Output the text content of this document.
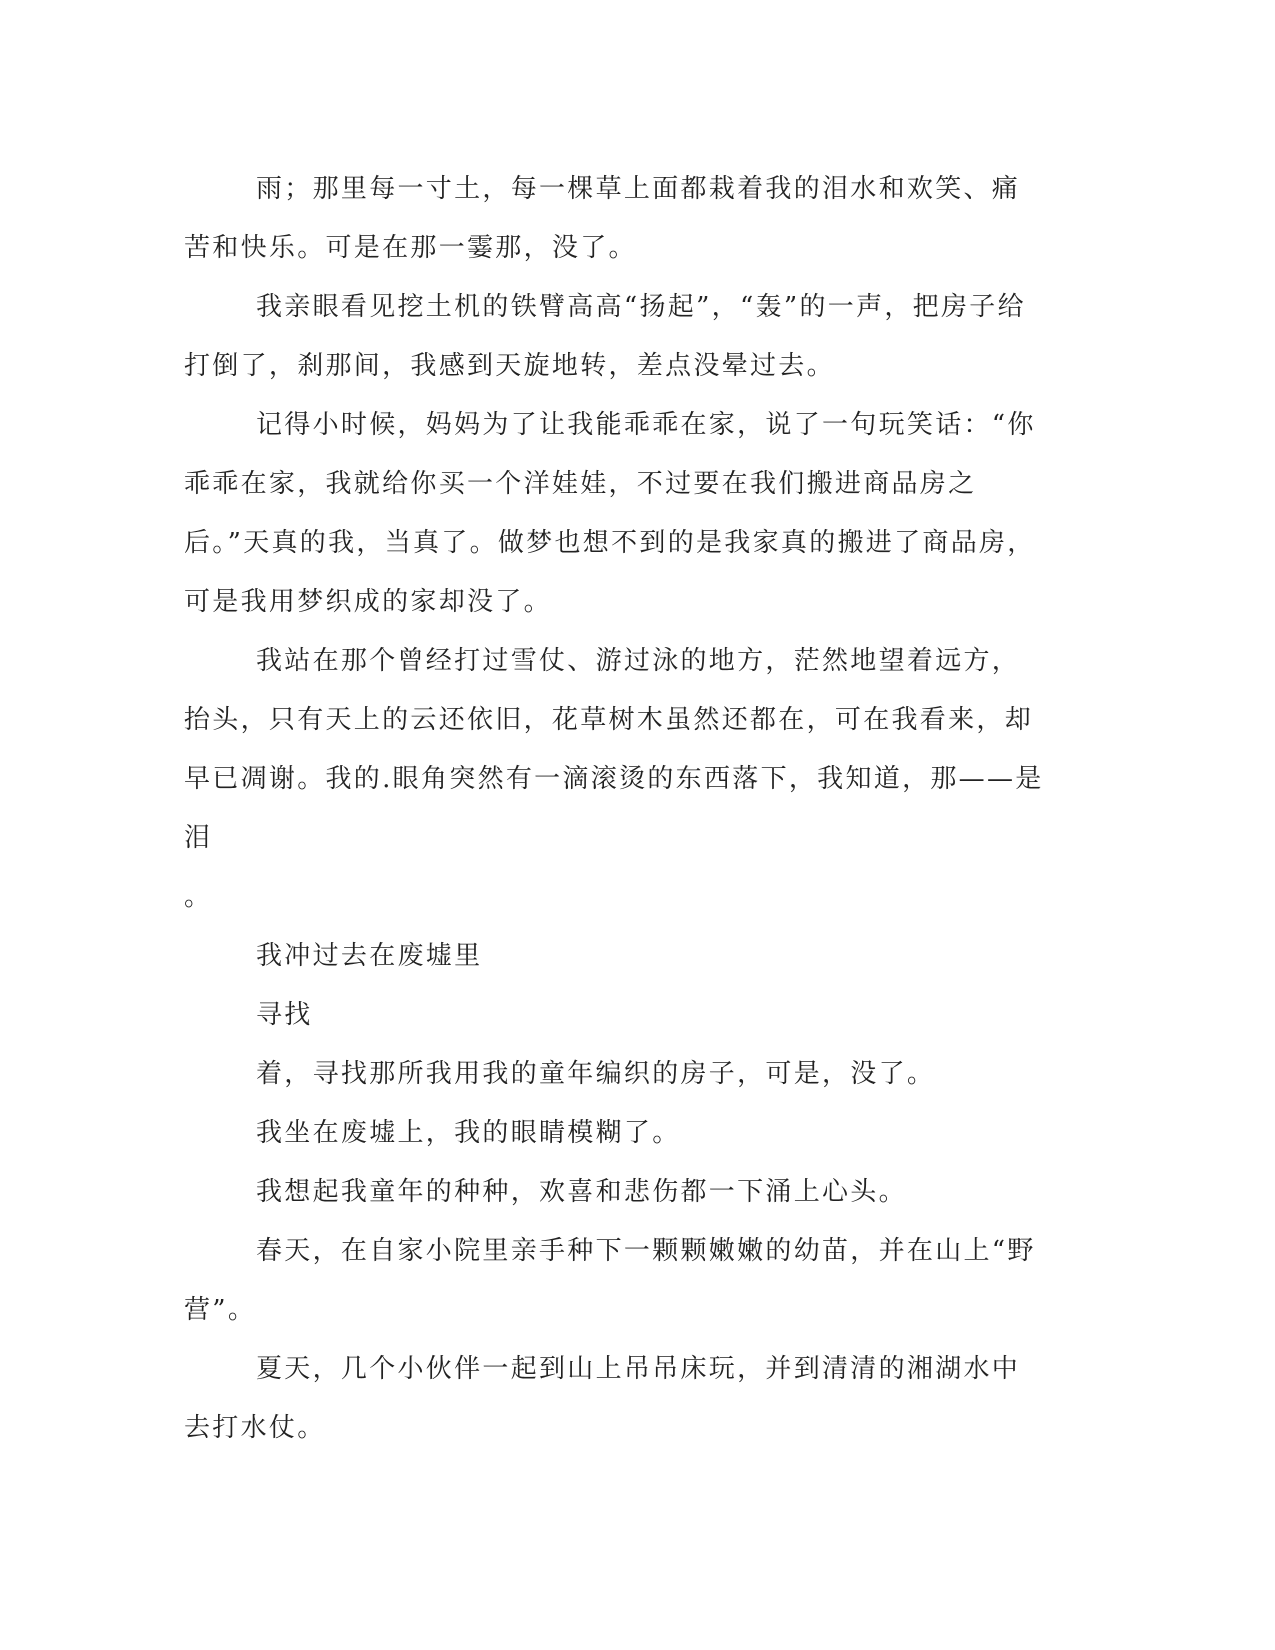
雨；那里每一寸土，每一棵草上面都栽着我的泪水和欢笑、痛苦和快乐。可是在那一霎那，没了。

我亲眼看见挖土机的铁臂高高“扬起”，“轰”的一声，把房子给打倒了，刹那间，我感到天旋地转，差点没晕过去。

记得小时候，妈妈为了让我能乖乖在家，说了一句玩笑话：“你乖乖在家，我就给你买一个洋娃娃，不过要在我们搬进商品房之后。”天真的我，当真了。做梦也想不到的是我家真的搬进了商品房，可是我用梦织成的家却没了。

我站在那个曾经打过雪仗、游过泳的地方，茫然地望着远方，抬头，只有天上的云还依旧，花草树木虽然还都在，可在我看来，却早已凋谢。我的.眼角突然有一滴滚烫的东西落下，我知道，那——是泪

。

我冲过去在废墟里

寻找

着，寻找那所我用我的童年编织的房子，可是，没了。

我坐在废墟上，我的眼睛模糊了。

我想起我童年的种种，欢喜和悲伤都一下涌上心头。

春天，在自家小院里亲手种下一颗颗嫩嫩的幼苗，并在山上“野营”。

夏天，几个小伙伴一起到山上吊吊床玩，并到清清的湘湖水中去打水仗。
